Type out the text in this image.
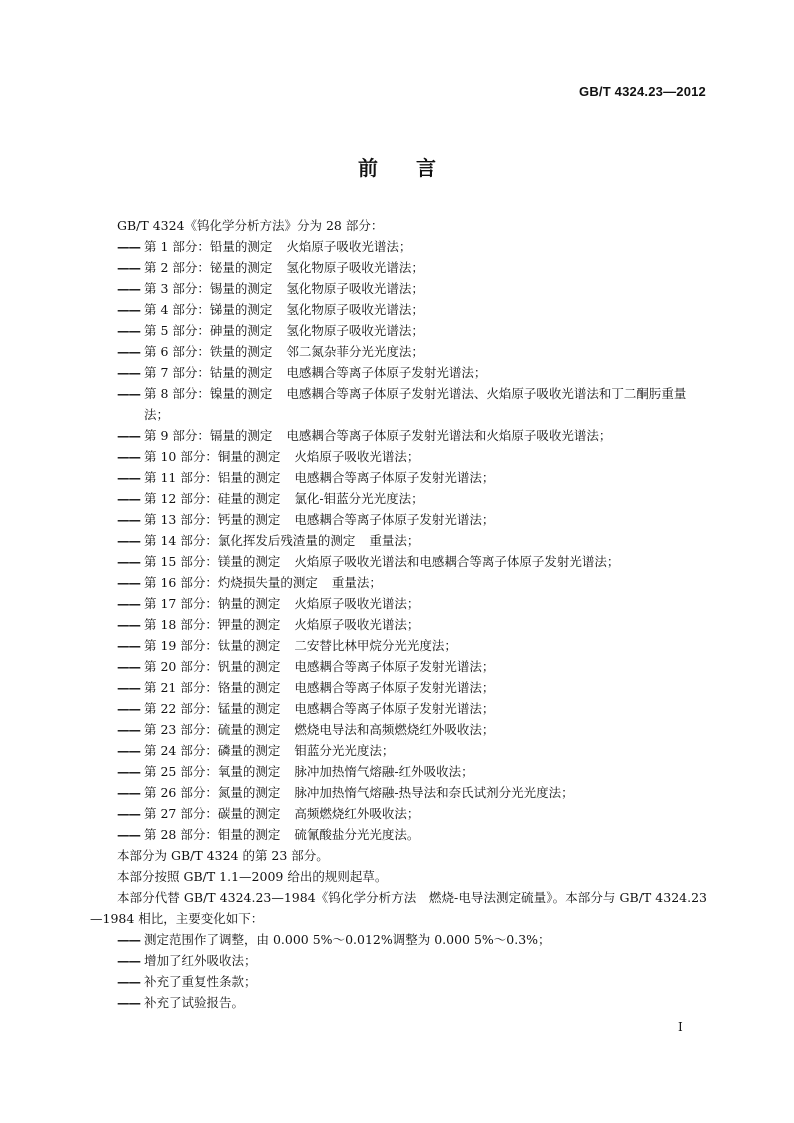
GB/T 4324.23—2012
前言

GB/T 4324《钨化学分析方法》分为 28 部分：

—— 第 1 部分：铅量的测定 火焰原子吸收光谱法；
—— 第 2 部分：铋量的测定 氢化物原子吸收光谱法；
—— 第 3 部分：锡量的测定 氢化物原子吸收光谱法；
—— 第 4 部分：锑量的测定 氢化物原子吸收光谱法；
—— 第 5 部分：砷量的测定 氢化物原子吸收光谱法；
—— 第 6 部分：铁量的测定 邻二氮杂菲分光光度法；
—— 第 7 部分：钴量的测定 电感耦合等离子体原子发射光谱法；
—— 第 8 部分：镍量的测定 电感耦合等离子体原子发射光谱法、火焰原子吸收光谱法和丁二酮肟重量法；
—— 第 9 部分：镉量的测定 电感耦合等离子体原子发射光谱法和火焰原子吸收光谱法；
—— 第 10 部分：铜量的测定 火焰原子吸收光谱法；
—— 第 11 部分：铝量的测定 电感耦合等离子体原子发射光谱法；
—— 第 12 部分：硅量的测定 氯化-钼蓝分光光度法；
—— 第 13 部分：钙量的测定 电感耦合等离子体原子发射光谱法；
—— 第 14 部分：氯化挥发后残渣量的测定 重量法；
—— 第 15 部分：镁量的测定 火焰原子吸收光谱法和电感耦合等离子体原子发射光谱法；
—— 第 16 部分：灼烧损失量的测定 重量法；
—— 第 17 部分：钠量的测定 火焰原子吸收光谱法；
—— 第 18 部分：钾量的测定 火焰原子吸收光谱法；
—— 第 19 部分：钛量的测定 二安替比林甲烷分光光度法；
—— 第 20 部分：钒量的测定 电感耦合等离子体原子发射光谱法；
—— 第 21 部分：铬量的测定 电感耦合等离子体原子发射光谱法；
—— 第 22 部分：锰量的测定 电感耦合等离子体原子发射光谱法；
—— 第 23 部分：硫量的测定 燃烧电导法和高频燃烧红外吸收法；
—— 第 24 部分：磷量的测定 钼蓝分光光度法；
—— 第 25 部分：氧量的测定 脉冲加热惰气熔融-红外吸收法；
—— 第 26 部分：氮量的测定 脉冲加热惰气熔融-热导法和奈氏试剂分光光度法；
—— 第 27 部分：碳量的测定 高频燃烧红外吸收法；
—— 第 28 部分：钼量的测定 硫氰酸盐分光光度法。

本部分为 GB/T 4324 的第 23 部分。

本部分按照 GB/T 1.1—2009 给出的规则起草。

本部分代替 GB/T 4324.23—1984《钨化学分析方法　燃烧-电导法测定硫量》。本部分与 GB/T 4324.23—1984 相比，主要变化如下：

—— 测定范围作了调整，由 0.000 5%～0.012%调整为 0.000 5%～0.3%；
—— 增加了红外吸收法；
—— 补充了重复性条款；
—— 补充了试验报告。
I
